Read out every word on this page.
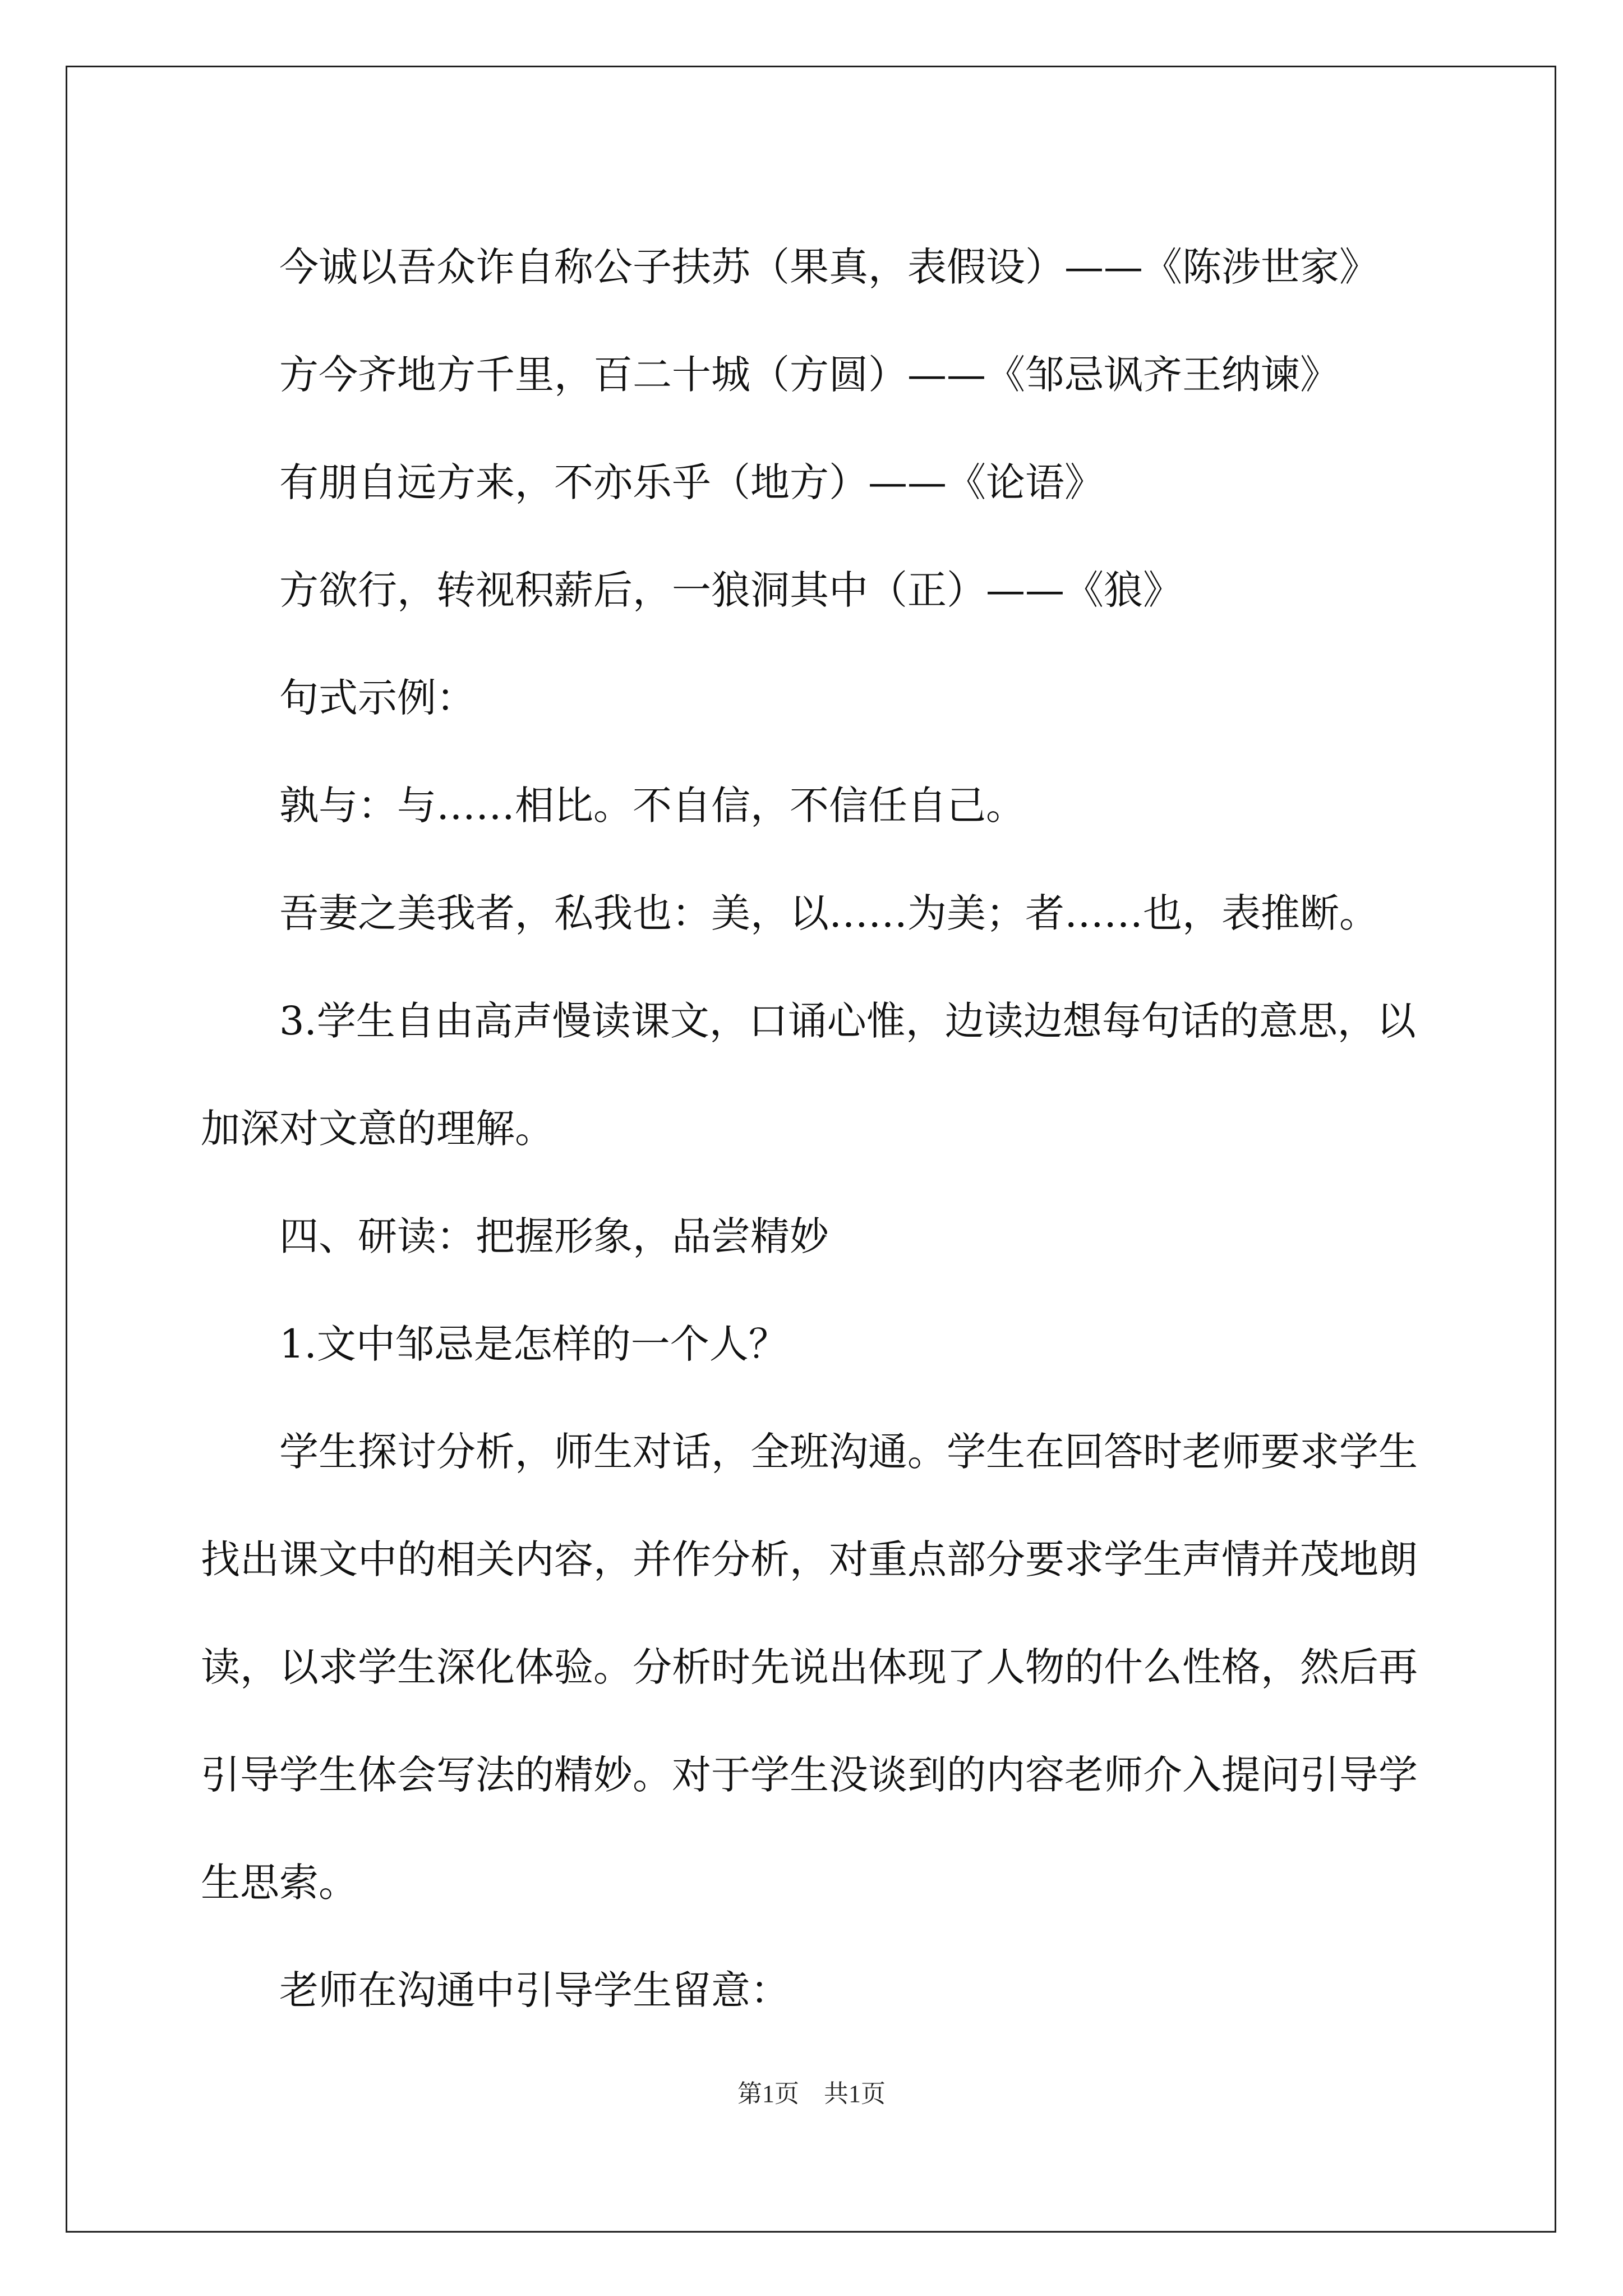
今诚以吾众诈自称公子扶苏（果真，表假设）——《陈涉世家》

方今齐地方千里，百二十城（方圆）——《邹忌讽齐王纳谏》

有朋自远方来，不亦乐乎（地方）——《论语》

方欲行，转视积薪后，一狼洞其中（正）——《狼》

句式示例：

孰与：与……相比。不自信，不信任自己。

吾妻之美我者，私我也：美，以……为美；者……也，表推断。

3.学生自由高声慢读课文，口诵心惟，边读边想每句话的意思，以加深对文意的理解。

四、研读：把握形象，品尝精妙

1.文中邹忌是怎样的一个人？

学生探讨分析，师生对话，全班沟通。学生在回答时老师要求学生找出课文中的相关内容，并作分析，对重点部分要求学生声情并茂地朗读，以求学生深化体验。分析时先说出体现了人物的什么性格，然后再引导学生体会写法的精妙。对于学生没谈到的内容老师介入提问引导学生思索。

老师在沟通中引导学生留意：

第1页 共1页
